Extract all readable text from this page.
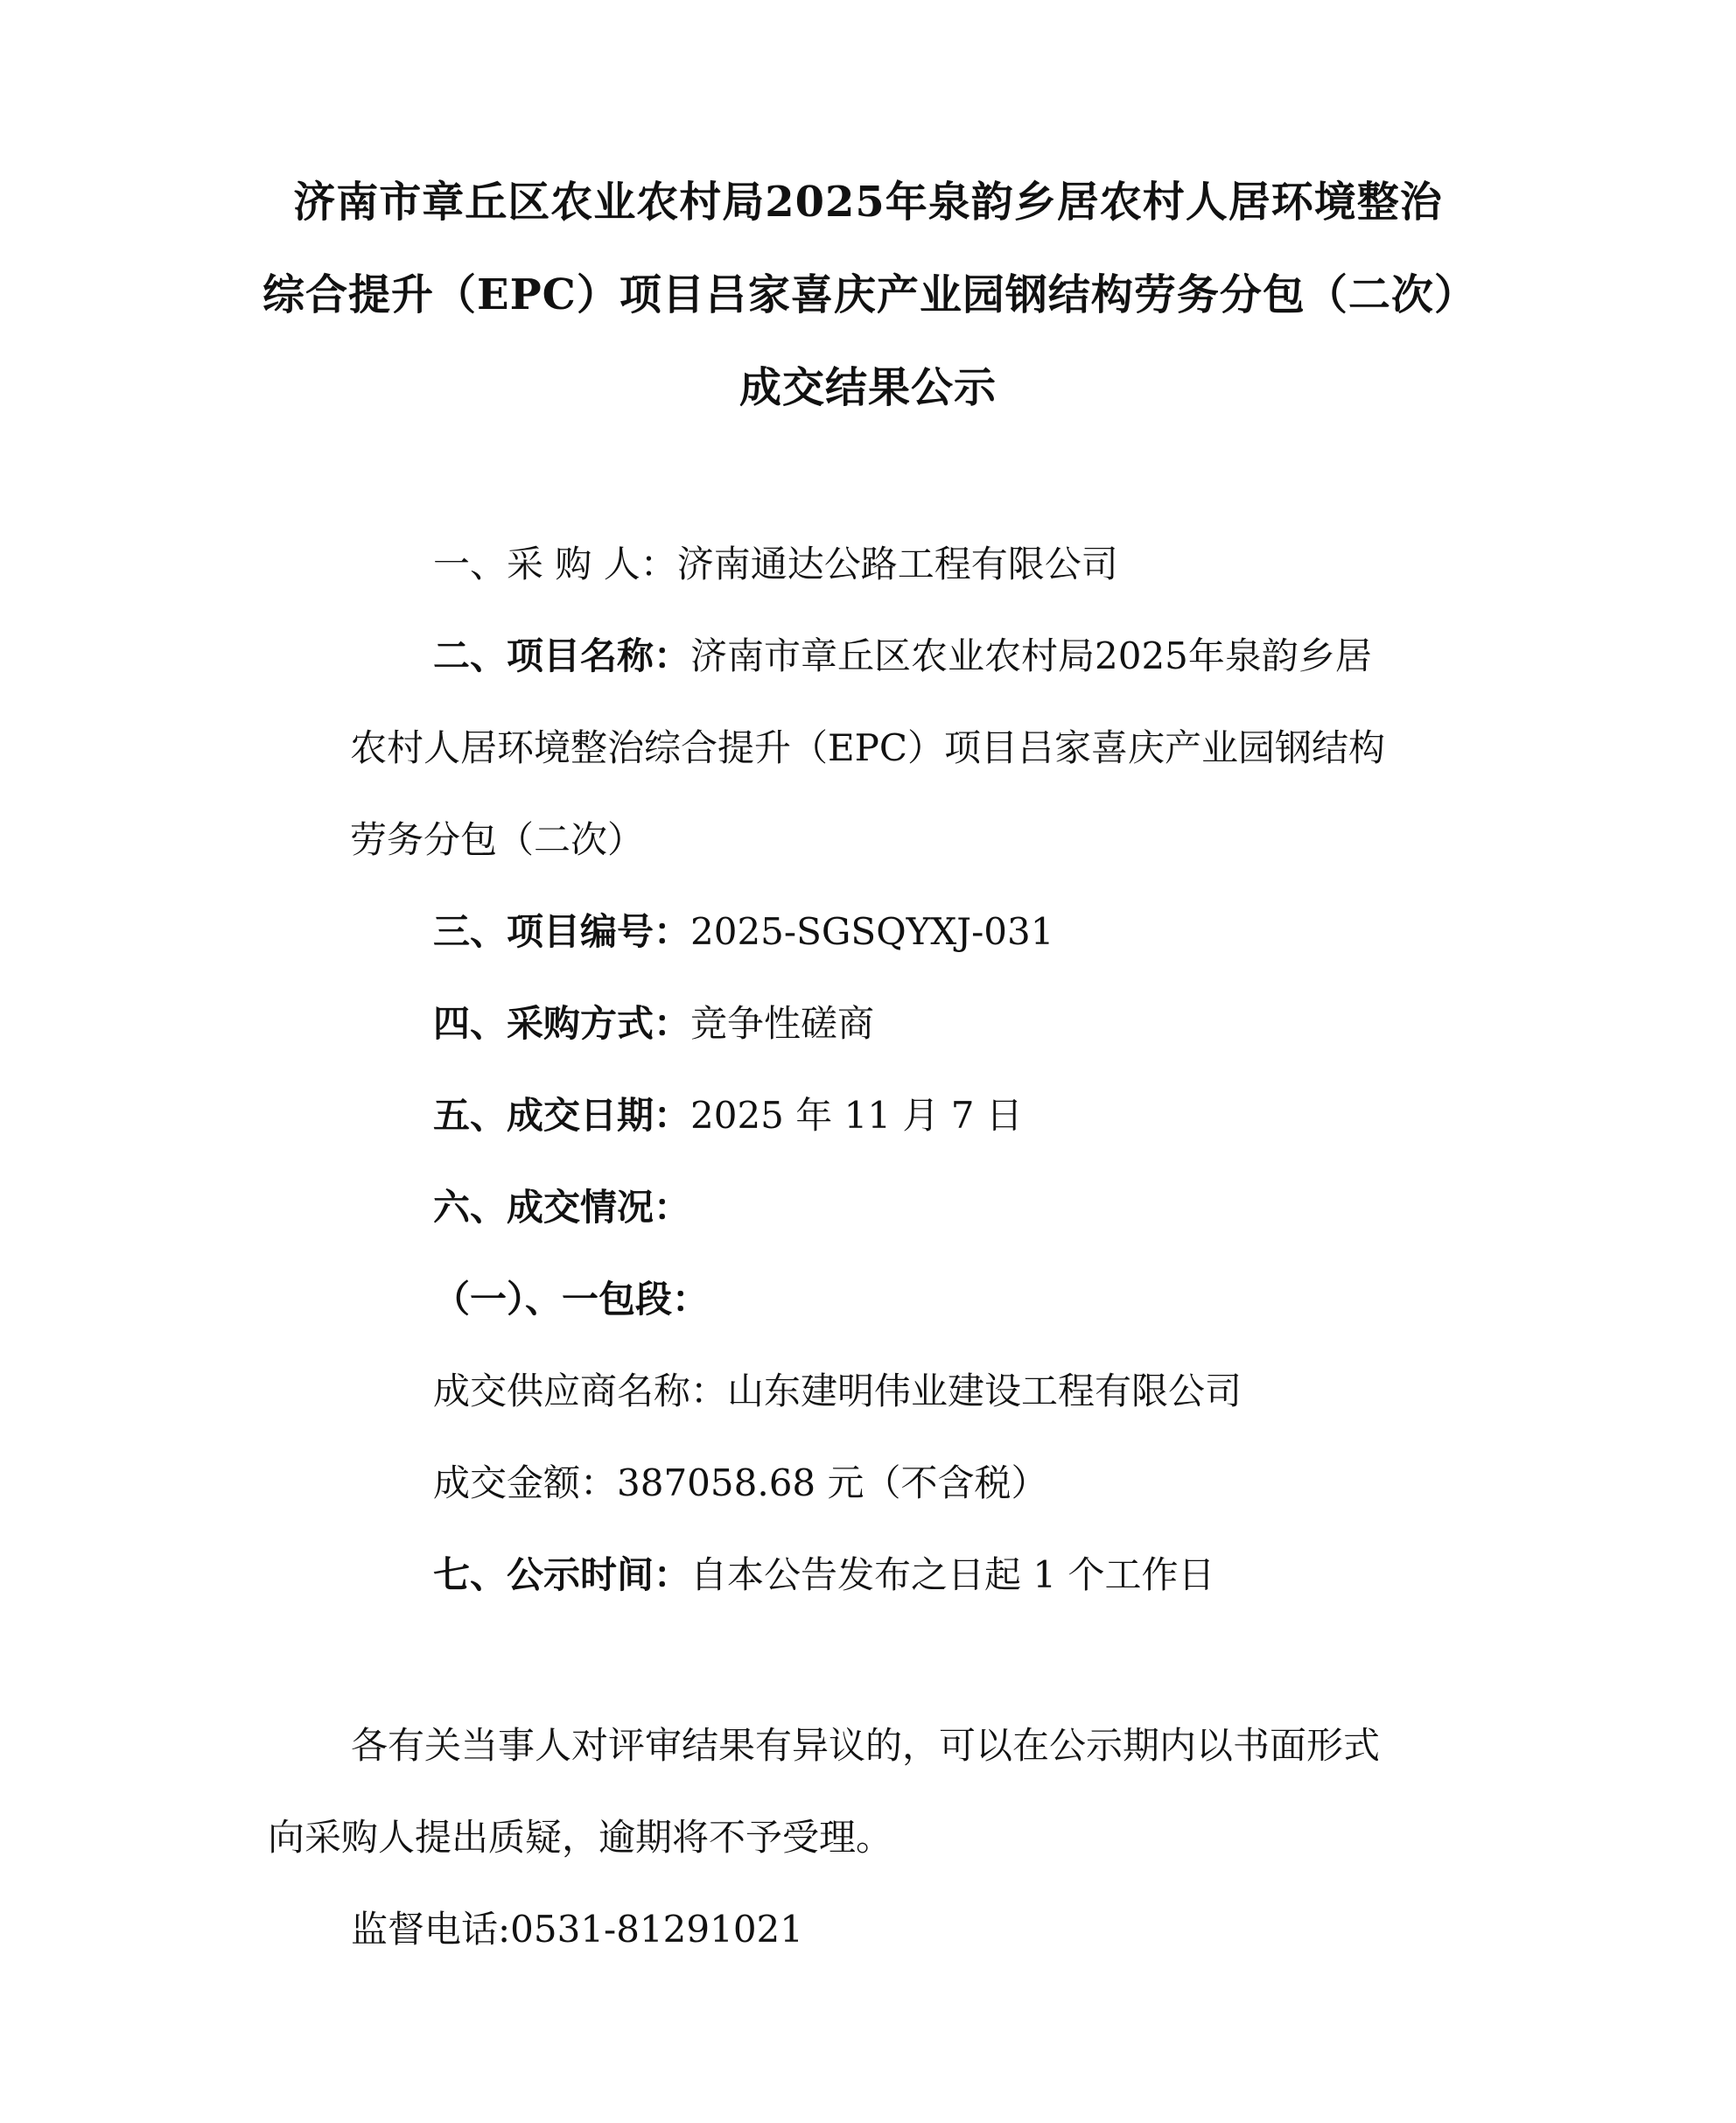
济南市章丘区农业农村局2025年泉韵乡居农村人居环境整治
综合提升（EPC）项目吕家喜庆产业园钢结构劳务分包（二次）
成交结果公示

一、采 购 人：济南通达公路工程有限公司

二、项目名称：济南市章丘区农业农村局2025年泉韵乡居

农村人居环境整治综合提升（EPC）项目吕家喜庆产业园钢结构

劳务分包（二次）

三、项目编号：2025-SGSQYXJ-031

四、采购方式：竞争性磋商

五、成交日期：2025 年 11 月 7 日

六、成交情况：

（一）、一包段：

成交供应商名称：山东建明伟业建设工程有限公司

成交金额：387058.68 元（不含税）

七、公示时间：自本公告发布之日起 1 个工作日

各有关当事人对评审结果有异议的，可以在公示期内以书面形式

向采购人提出质疑，逾期将不予受理。

监督电话:0531-81291021
